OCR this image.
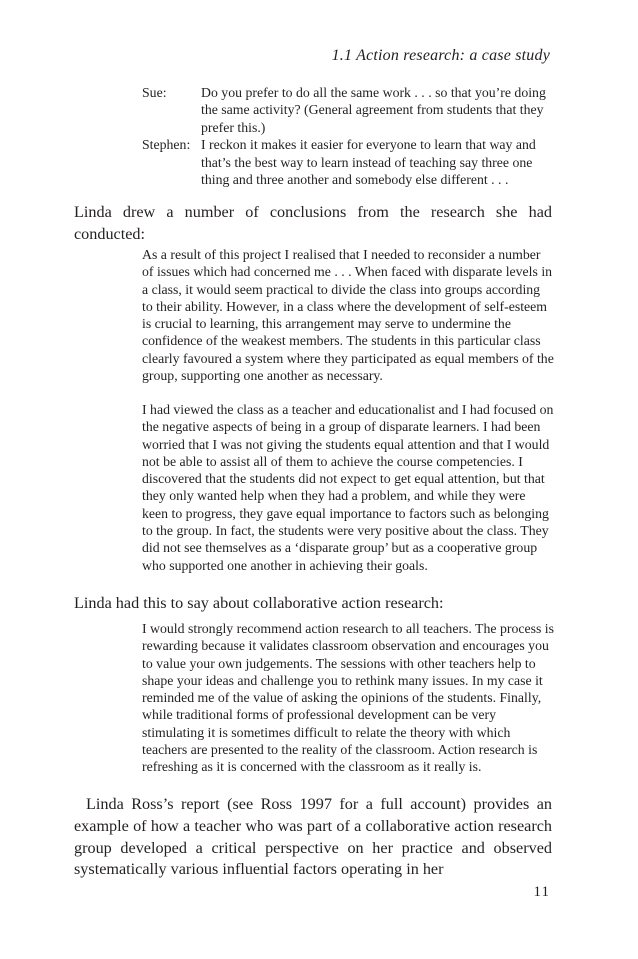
1.1 Action research: a case study
Sue:	Do you prefer to do all the same work . . . so that you’re doing the same activity? (General agreement from students that they prefer this.)
Stephen: I reckon it makes it easier for everyone to learn that way and that’s the best way to learn instead of teaching say three one thing and three another and somebody else different . . .

Linda drew a number of conclusions from the research she had conducted:

As a result of this project I realised that I needed to reconsider a number of issues which had concerned me . . . When faced with disparate levels in a class, it would seem practical to divide the class into groups according to their ability. However, in a class where the development of self-esteem is crucial to learning, this arrangement may serve to undermine the confidence of the weakest members. The students in this particular class clearly favoured a system where they participated as equal members of the group, supporting one another as necessary.

I had viewed the class as a teacher and educationalist and I had focused on the negative aspects of being in a group of disparate learners. I had been worried that I was not giving the students equal attention and that I would not be able to assist all of them to achieve the course competencies. I discovered that the students did not expect to get equal attention, but that they only wanted help when they had a problem, and while they were keen to progress, they gave equal importance to factors such as belonging to the group. In fact, the students were very positive about the class. They did not see themselves as a ‘disparate group’ but as a cooperative group who supported one another in achieving their goals.

Linda had this to say about collaborative action research:

I would strongly recommend action research to all teachers. The process is rewarding because it validates classroom observation and encourages you to value your own judgements. The sessions with other teachers help to shape your ideas and challenge you to rethink many issues. In my case it reminded me of the value of asking the opinions of the students. Finally, while traditional forms of professional development can be very stimulating it is sometimes difficult to relate the theory with which teachers are presented to the reality of the classroom. Action research is refreshing as it is concerned with the classroom as it really is.

Linda Ross’s report (see Ross 1997 for a full account) provides an example of how a teacher who was part of a collaborative action research group developed a critical perspective on her practice and observed systematically various influential factors operating in her

11
